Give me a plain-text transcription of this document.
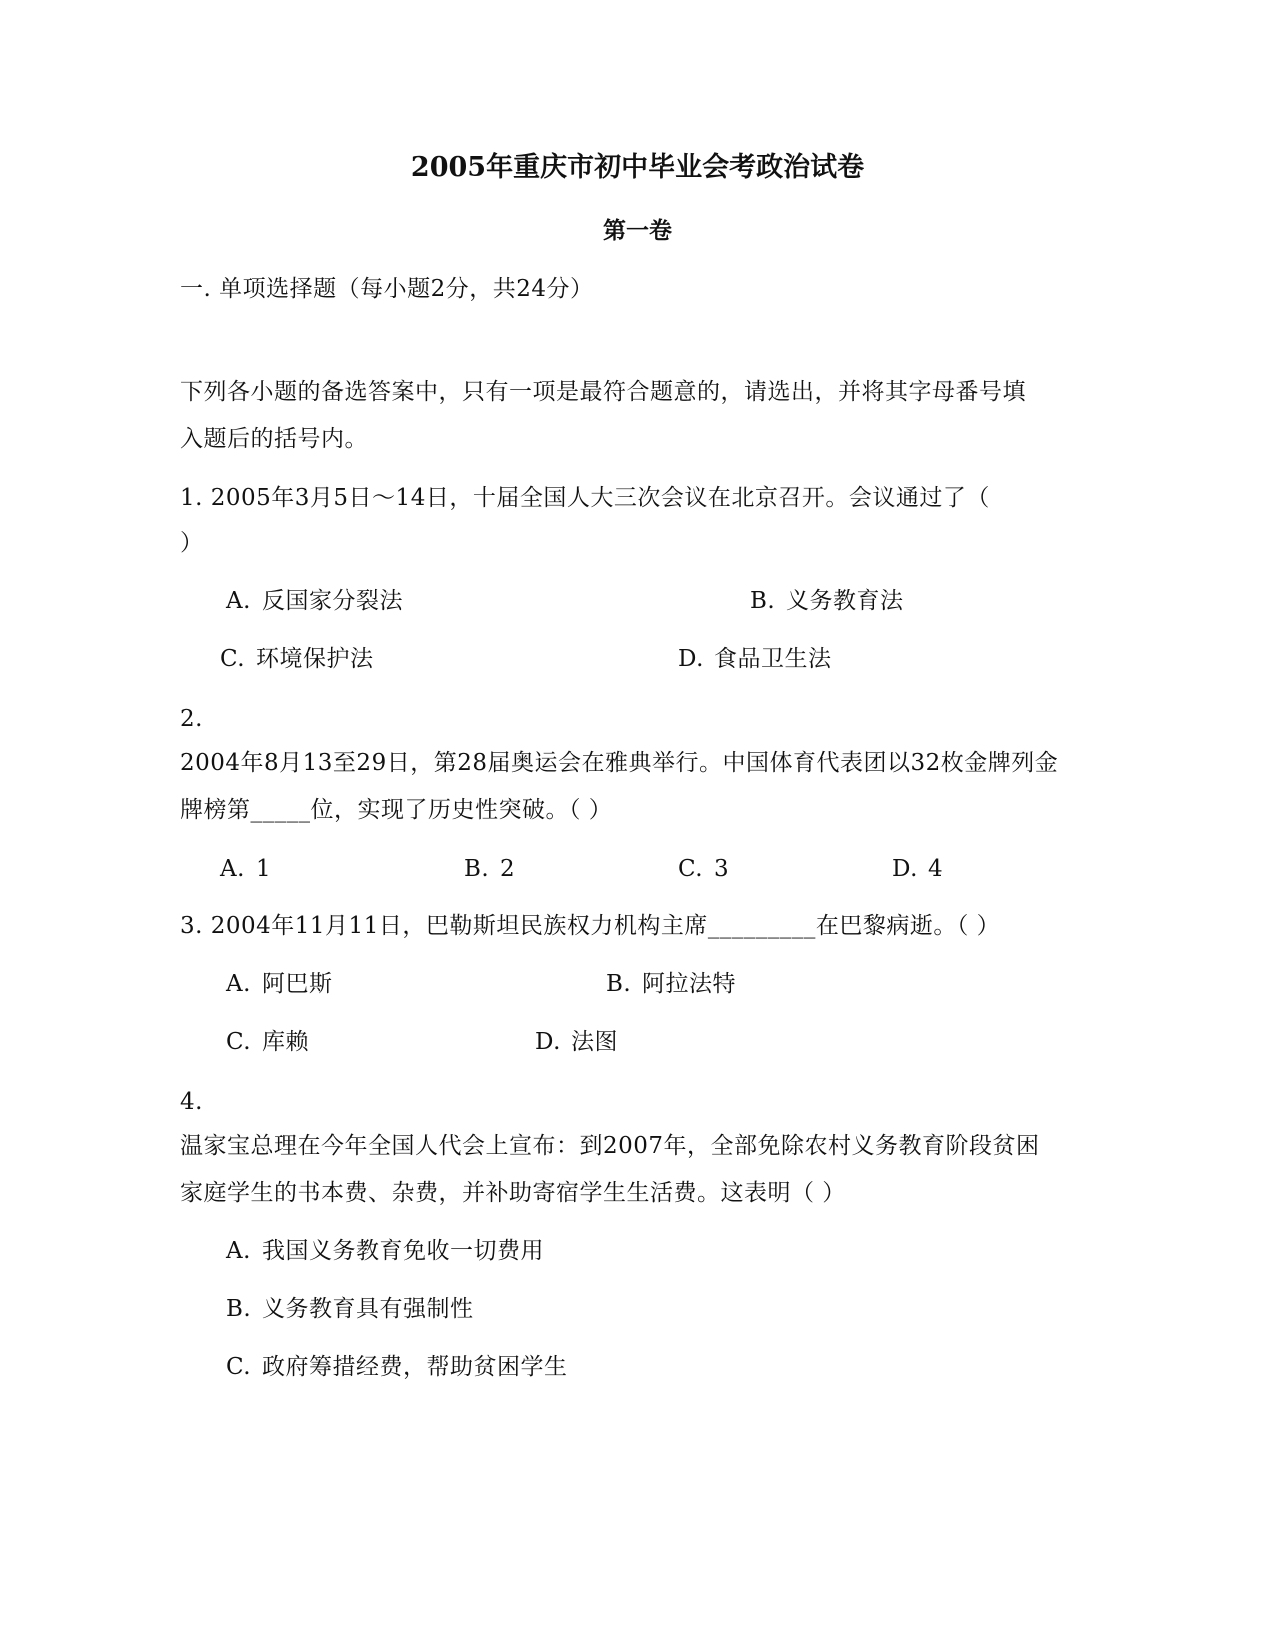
2005年重庆市初中毕业会考政治试卷
第一卷
一. 单项选择题（每小题2分，共24分）
下列各小题的备选答案中，只有一项是最符合题意的，请选出，并将其字母番号填
入题后的括号内。
1. 2005年3月5日～14日，十届全国人大三次会议在北京召开。会议通过了（
）
A. 反国家分裂法	B. 义务教育法
C. 环境保护法	D. 食品卫生法
2.
2004年8月13至29日，第28届奥运会在雅典举行。中国体育代表团以32枚金牌列金
牌榜第_____位，实现了历史性突破。（ ）
A. 1	B. 2	C. 3	D. 4
3. 2004年11月11日，巴勒斯坦民族权力机构主席_________在巴黎病逝。（ ）
A. 阿巴斯	B. 阿拉法特
C. 库赖	D. 法图
4.
温家宝总理在今年全国人代会上宣布：到2007年，全部免除农村义务教育阶段贫困
家庭学生的书本费、杂费，并补助寄宿学生生活费。这表明（ ）
A. 我国义务教育免收一切费用
B. 义务教育具有强制性
C. 政府筹措经费，帮助贫困学生
